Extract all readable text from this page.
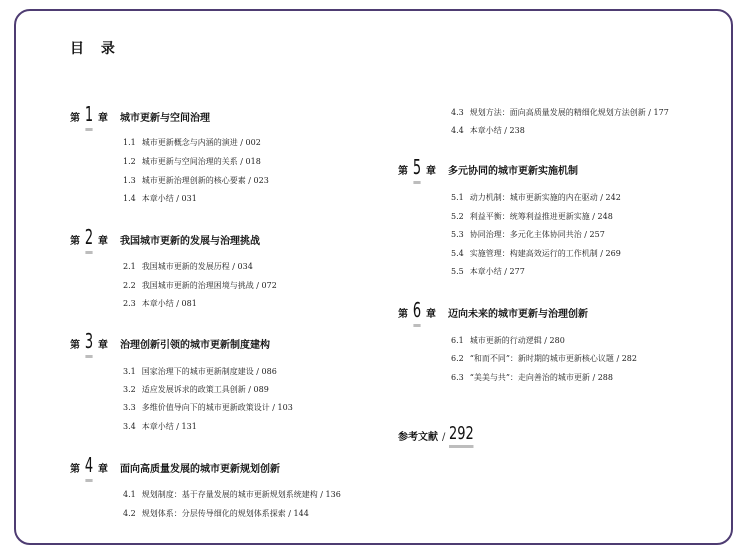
目 录
第 1 章 城市更新与空间治理
1.1 城市更新概念与内涵的演进 / 002
1.2 城市更新与空间治理的关系 / 018
1.3 城市更新治理创新的核心要素 / 023
1.4 本章小结 / 031
第 2 章 我国城市更新的发展与治理挑战
2.1 我国城市更新的发展历程 / 034
2.2 我国城市更新的治理困境与挑战 / 072
2.3 本章小结 / 081
第 3 章 治理创新引领的城市更新制度建构
3.1 国家治理下的城市更新制度建设 / 086
3.2 适应发展诉求的政策工具创新 / 089
3.3 多维价值导向下的城市更新政策设计 / 103
3.4 本章小结 / 131
第 4 章 面向高质量发展的城市更新规划创新
4.1 规划制度：基于存量发展的城市更新规划系统建构 / 136
4.2 规划体系：分层传导细化的规划体系探索 / 144
4.3 规划方法：面向高质量发展的精细化规划方法创新 / 177
4.4 本章小结 / 238
第 5 章 多元协同的城市更新实施机制
5.1 动力机制：城市更新实施的内在驱动 / 242
5.2 利益平衡：统筹利益推进更新实施 / 248
5.3 协同治理：多元化主体协同共治 / 257
5.4 实施管理：构建高效运行的工作机制 / 269
5.5 本章小结 / 277
第 6 章 迈向未来的城市更新与治理创新
6.1 城市更新的行动逻辑 / 280
6.2 “和而不同”：新时期的城市更新核心议题 / 282
6.3 “美美与共”：走向善治的城市更新 / 288
参考文献 / 292
